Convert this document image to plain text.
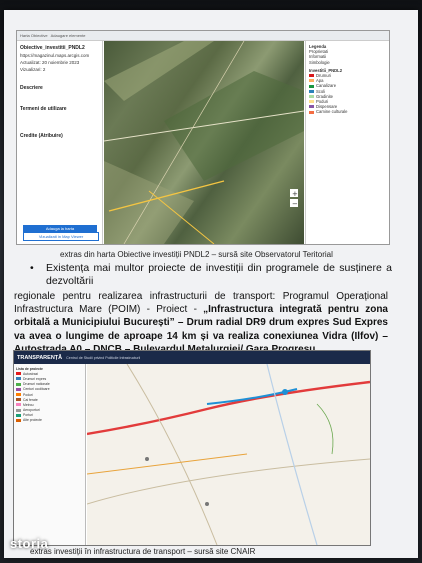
Harta Obiective Adaugare elemente
Obiective_investitii_PNDL2
https://magazinul.maps.arcgis.com
Actualizat: 20 noiembrie 2023
Vizualizari: 2
Descriere
Termeni de utilizare
Credite (Atribuire)
Adauga la harta
Vizualizati in Map Viewer
+
−
Legenda
Proprietati
Informatii
Simbologie
Investitii_PNDL2
Drumuri
Apa
Canalizare
Scoli
Gradinite
Poduri
Dispensare
Camine culturale
extras din harta Obiective investiții PNDL2 – sursă site Observatorul Teritorial
• Existența mai multor proiecte de investiții din programele de susținere a dezvoltării
regionale pentru realizarea infrastructurii de transport: Programul Operațional Infrastructura Mare (POIM) - Proiect - „Infrastructura integrată pentru zona orbitală a Municipiului București” – Drum radial DR9 drum expres Sud Expres va avea o lungime de aproape 14 km și va realiza conexiunea Vidra (Ilfov) –
TRANSPARENȚĂ Centrul de Studii privind Politicile Infrastructurii
Lista de proiecte
Autostrazi
Drumuri expres
Drumuri nationale
Centuri ocolitoare
Poduri
Cai ferate
Metrou
Aeroporturi
Porturi
Alte proiecte
extras investiții în infrastructura de transport – sursă site CNAIR
storia
